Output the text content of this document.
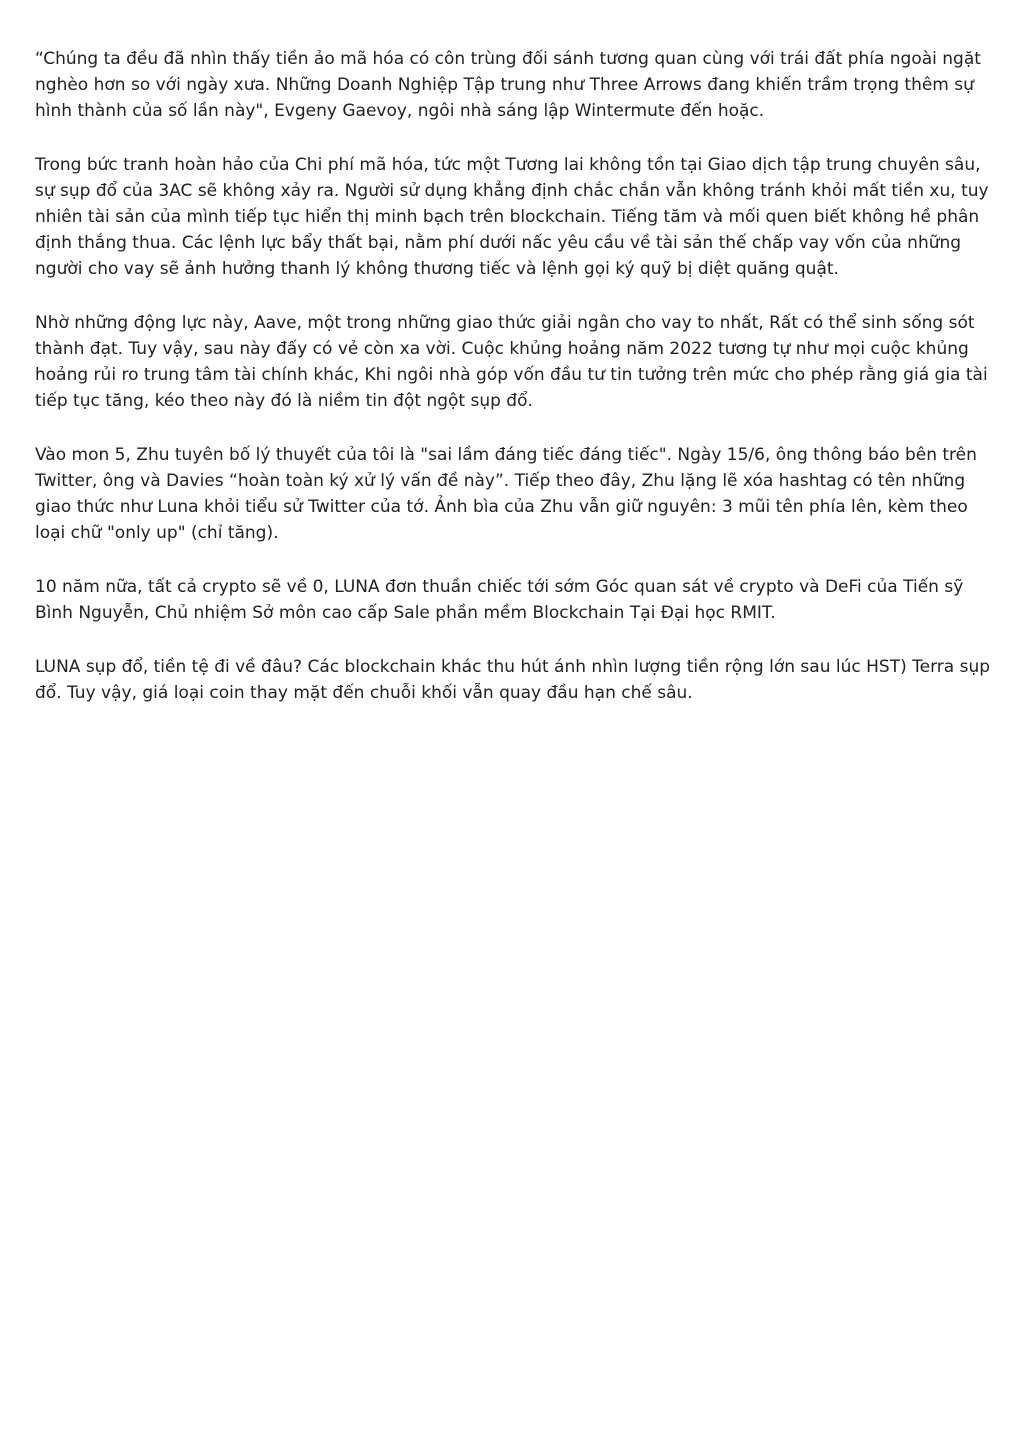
“Chúng ta đều đã nhìn thấy tiền ảo mã hóa có côn trùng đối sánh tương quan cùng với trái đất phía ngoài ngặt nghèo hơn so với ngày xưa. Những Doanh Nghiệp Tập trung như Three Arrows đang khiến trầm trọng thêm sự hình thành của số lần này", Evgeny Gaevoy, ngôi nhà sáng lập Wintermute đến hoặc.

Trong bức tranh hoàn hảo của Chi phí mã hóa, tức một Tương lai không tồn tại Giao dịch tập trung chuyên sâu, sự sụp đổ của 3AC sẽ không xảy ra. Người sử dụng khẳng định chắc chắn vẫn không tránh khỏi mất tiền xu, tuy nhiên tài sản của mình tiếp tục hiển thị minh bạch trên blockchain. Tiếng tăm và mối quen biết không hề phân định thắng thua. Các lệnh lực bẩy thất bại, nằm phí dưới nấc yêu cầu về tài sản thế chấp vay vốn của những người cho vay sẽ ảnh hưởng thanh lý không thương tiếc và lệnh gọi ký quỹ bị diệt quăng quật.

Nhờ những động lực này, Aave, một trong những giao thức giải ngân cho vay to nhất, Rất có thể sinh sống sót thành đạt. Tuy vậy, sau này đấy có vẻ còn xa vời. Cuộc khủng hoảng năm 2022 tương tự như mọi cuộc khủng hoảng rủi ro trung tâm tài chính khác, Khi ngôi nhà góp vốn đầu tư tin tưởng trên mức cho phép rằng giá gia tài tiếp tục tăng, kéo theo này đó là niềm tin đột ngột sụp đổ.

Vào mon 5, Zhu tuyên bố lý thuyết của tôi là "sai lầm đáng tiếc đáng tiếc". Ngày 15/6, ông thông báo bên trên Twitter, ông và Davies “hoàn toàn ký xử lý vấn đề này”. Tiếp theo đây, Zhu lặng lẽ xóa hashtag có tên những giao thức như Luna khỏi tiểu sử Twitter của tớ. Ảnh bìa của Zhu vẫn giữ nguyên: 3 mũi tên phía lên, kèm theo loại chữ "only up" (chỉ tăng).

10 năm nữa, tất cả crypto sẽ về 0, LUNA đơn thuần chiếc tới sớm Góc quan sát về crypto và DeFi của Tiến sỹ Bình Nguyễn, Chủ nhiệm Sở môn cao cấp Sale phần mềm Blockchain Tại Đại học RMIT.

LUNA sụp đổ, tiền tệ đi về đâu? Các blockchain khác thu hút ánh nhìn lượng tiền rộng lớn sau lúc HST) Terra sụp đổ. Tuy vậy, giá loại coin thay mặt đến chuỗi khối vẫn quay đầu hạn chế sâu.
